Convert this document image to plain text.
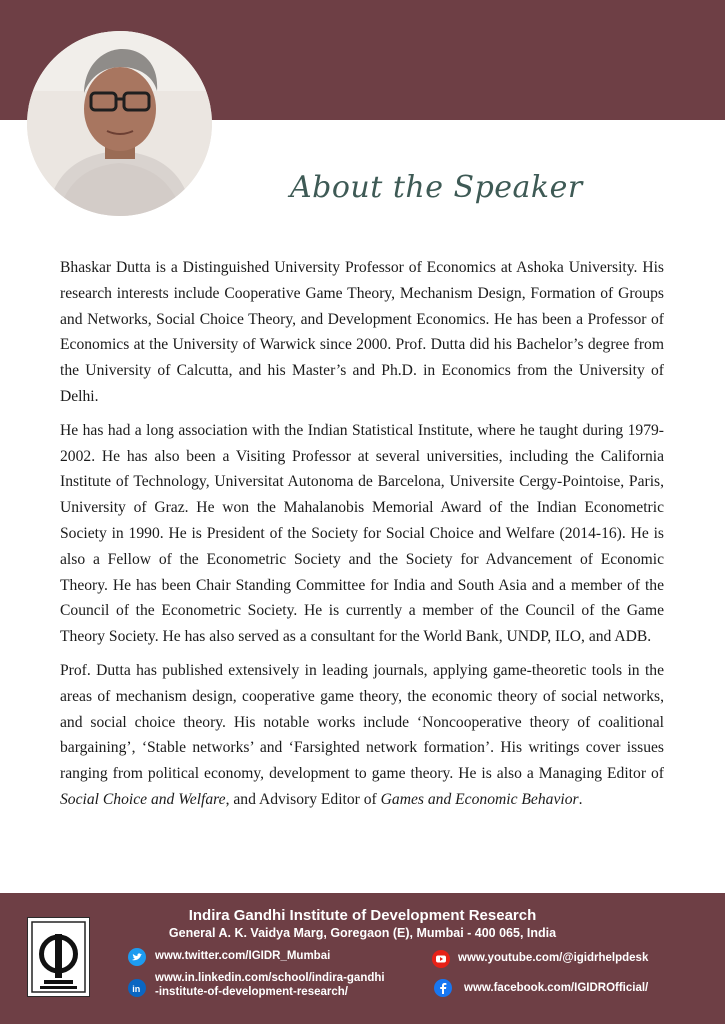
About the Speaker

Bhaskar Dutta is a Distinguished University Professor of Economics at Ashoka University. His research interests include Cooperative Game Theory, Mechanism Design, Formation of Groups and Networks, Social Choice Theory, and Development Economics. He has been a Professor of Economics at the University of Warwick since 2000. Prof. Dutta did his Bachelor’s degree from the University of Calcutta, and his Master’s and Ph.D. in Economics from the University of Delhi.

He has had a long association with the Indian Statistical Institute, where he taught during 1979-2002. He has also been a Visiting Professor at several universities, including the California Institute of Technology, Universitat Autonoma de Barcelona, Universite Cergy-Pointoise, Paris, University of Graz. He won the Mahalanobis Memorial Award of the Indian Econometric Society in 1990. He is President of the Society for Social Choice and Welfare (2014-16). He is also a Fellow of the Econometric Society and the Society for Advancement of Economic Theory. He has been Chair Standing Committee for India and South Asia and a member of the Council of the Econometric Society. He is currently a member of the Council of the Game Theory Society. He has also served as a consultant for the World Bank, UNDP, ILO, and ADB.

Prof. Dutta has published extensively in leading journals, applying game-theoretic tools in the areas of mechanism design, cooperative game theory, the economic theory of social networks, and social choice theory. His notable works include ‘Noncooperative theory of coalitional bargaining’, ‘Stable networks’ and ‘Farsighted network formation’. His writings cover issues ranging from political economy, development to game theory. He is also a Managing Editor of Social Choice and Welfare, and Advisory Editor of Games and Economic Behavior.

Indira Gandhi Institute of Development Research
General A. K. Vaidya Marg, Goregaon (E), Mumbai - 400 065, India
www.twitter.com/IGIDR_Mumbai	www.youtube.com/@igidrhelpdesk
in
www.in.linkedin.com/school/indira-gandhi
-institute-of-development-research/	www.facebook.com/IGIDROfficial/
